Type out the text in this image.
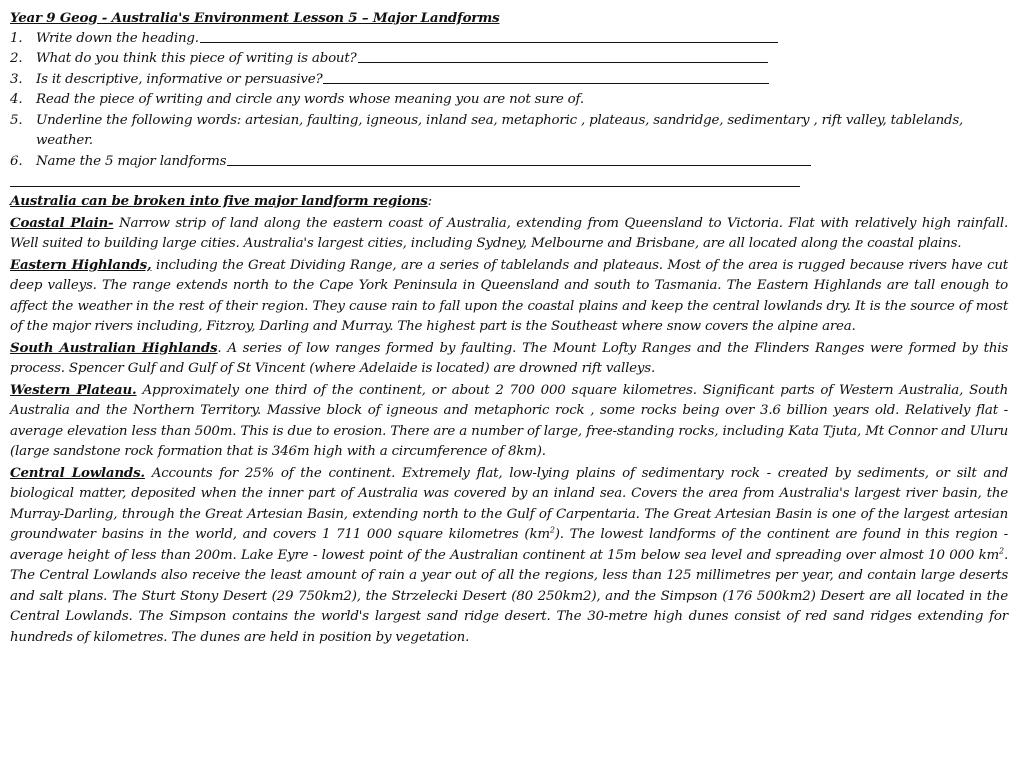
Year 9 Geog - Australia's Environment Lesson 5 – Major Landforms
1.	Write down the heading.
2.	What do you think this piece of writing is about?
3.	Is it descriptive, informative or persuasive?
4.	Read the piece of writing and circle any words whose meaning you are not sure of.
5.	Underline the following words: artesian, faulting, igneous, inland sea, metaphoric , plateaus, sandridge, sedimentary , rift valley, tablelands, weather.
6.	Name the 5 major landforms
Australia can be broken into five major landform regions:
Coastal Plain- Narrow strip of land along the eastern coast of Australia, extending from Queensland to Victoria. Flat with relatively high rainfall. Well suited to building large cities. Australia's largest cities, including Sydney, Melbourne and Brisbane, are all located along the coastal plains.
Eastern Highlands, including the Great Dividing Range, are a series of tablelands and plateaus. Most of the area is rugged because rivers have cut deep valleys. The range extends north to the Cape York Peninsula in Queensland and south to Tasmania. The Eastern Highlands are tall enough to affect the weather in the rest of their region. They cause rain to fall upon the coastal plains and keep the central lowlands dry. It is the source of most of the major rivers including, Fitzroy, Darling and Murray. The highest part is the Southeast where snow covers the alpine area.
South Australian Highlands. A series of low ranges formed by faulting. The Mount Lofty Ranges and the Flinders Ranges were formed by this process. Spencer Gulf and Gulf of St Vincent (where Adelaide is located) are drowned rift valleys.
Western Plateau. Approximately one third of the continent, or about 2 700 000 square kilometres. Significant parts of Western Australia, South Australia and the Northern Territory. Massive block of igneous and metaphoric rock , some rocks being over 3.6 billion years old. Relatively flat - average elevation less than 500m. This is due to erosion. There are a number of large, free-standing rocks, including Kata Tjuta, Mt Connor and Uluru (large sandstone rock formation that is 346m high with a circumference of 8km).
Central Lowlands. Accounts for 25% of the continent. Extremely flat, low-lying plains of sedimentary rock - created by sediments, or silt and biological matter, deposited when the inner part of Australia was covered by an inland sea. Covers the area from Australia's largest river basin, the Murray-Darling, through the Great Artesian Basin, extending north to the Gulf of Carpentaria. The Great Artesian Basin is one of the largest artesian groundwater basins in the world, and covers 1 711 000 square kilometres $(km^2)$. The lowest landforms of the continent are found in this region - average height of less than 200m. Lake Eyre - lowest point of the Australian continent at 15m below sea level and spreading over almost 10 000 $km^2$. The Central Lowlands also receive the least amount of rain a year out of all the regions, less than 125 millimetres per year, and contain large deserts and salt plans. The Sturt Stony Desert (29 750km2), the Strzelecki Desert (80 250km2), and the Simpson (176 500km2) Desert are all located in the Central Lowlands. The Simpson contains the world's largest sand ridge desert. The 30-metre high dunes consist of red sand ridges extending for hundreds of kilometres. The dunes are held in position by vegetation.
